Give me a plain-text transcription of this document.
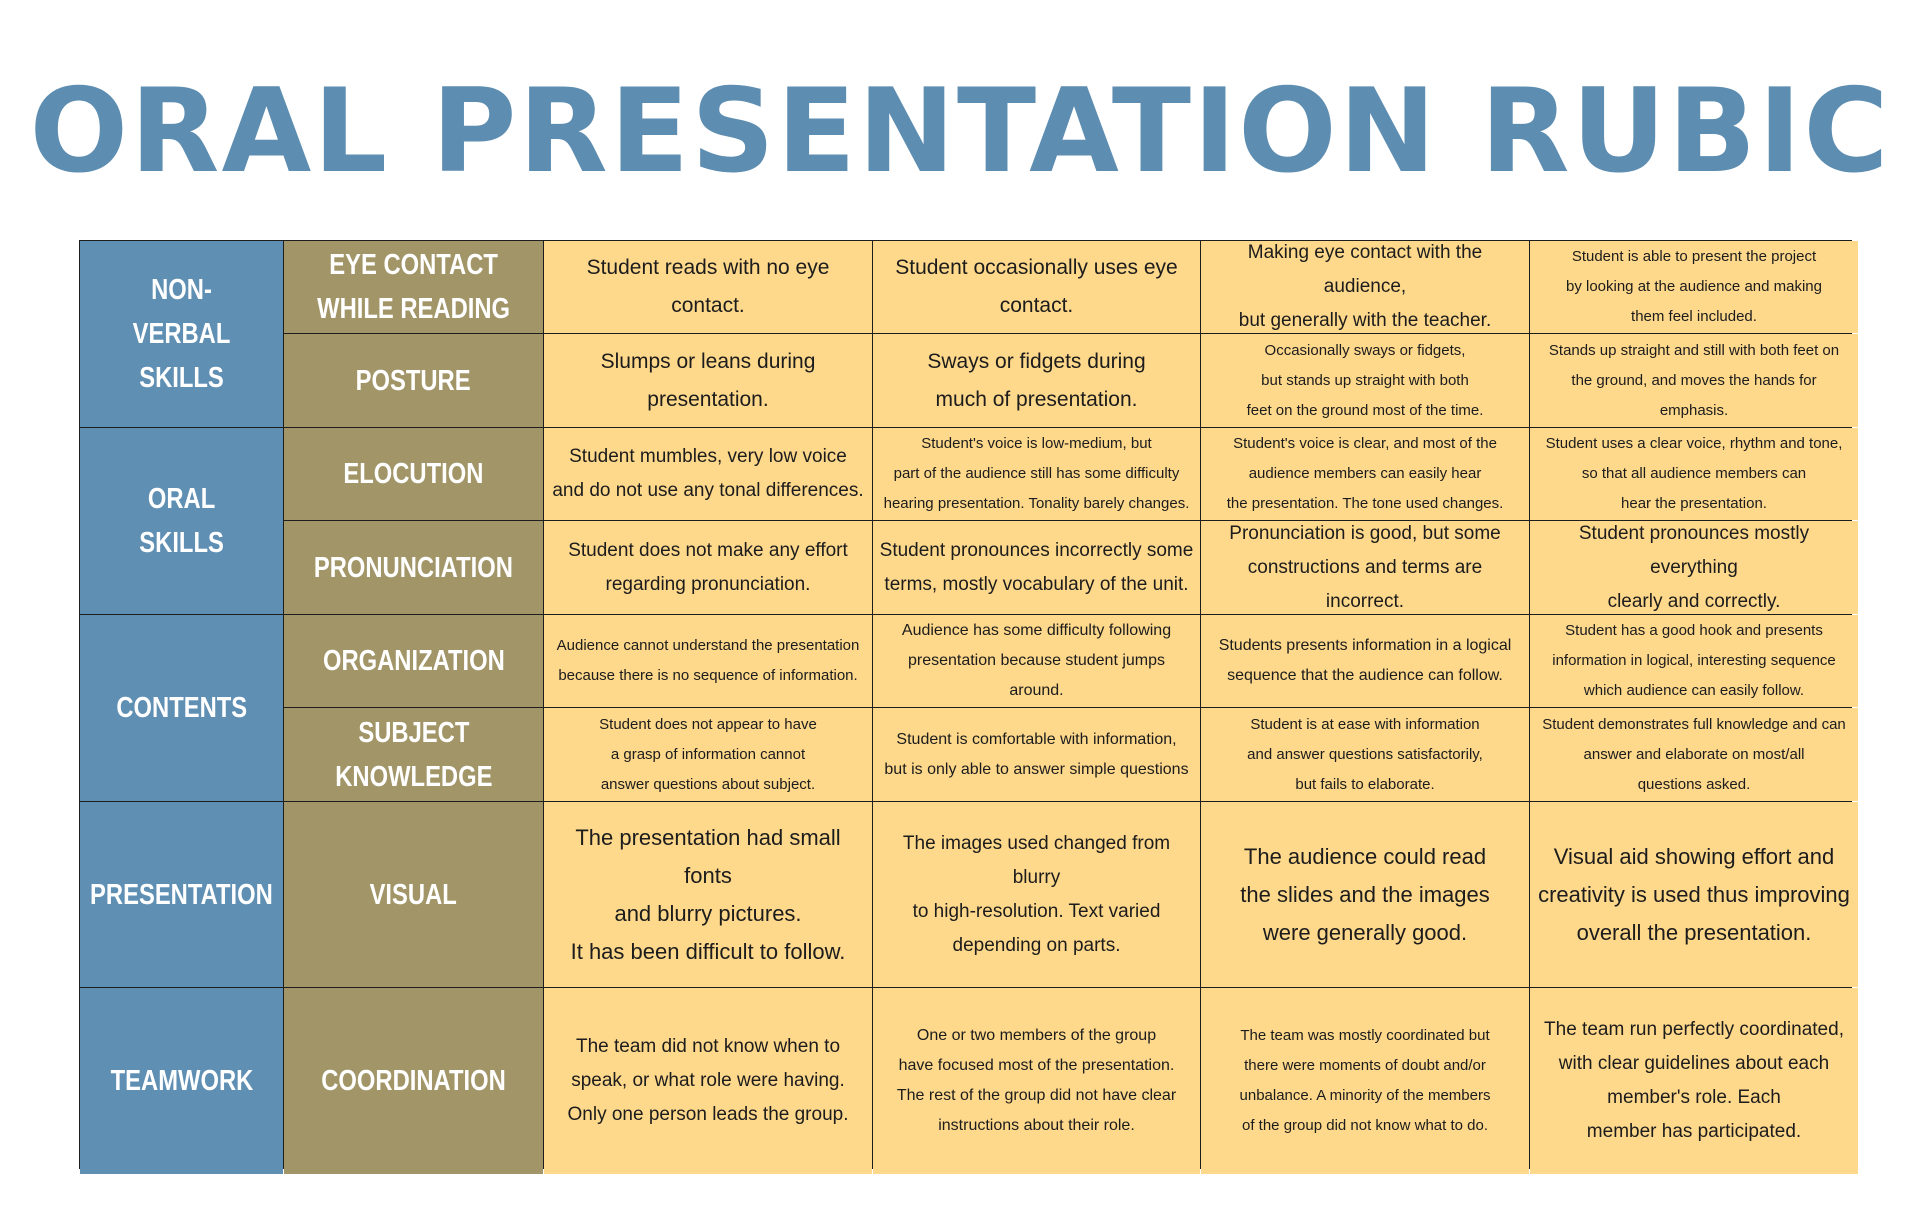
ORAL PRESENTATION RUBIC
NON-VERBAL
SKILLS
ORAL
SKILLS
CONTENTS
PRESENTATION
TEAMWORK
EYE CONTACT
WHILE READING
Student reads with no eye contact.
Student occasionally uses eye contact.
Making eye contact with the audience,
but generally with the teacher.
Student is able to present the project
by looking at the audience and making
them feel included.
POSTURE
Slumps or leans during presentation.
Sways or fidgets during
much of presentation.
Occasionally sways or fidgets,
but stands up straight with both
feet on the ground most of the time.
Stands up straight and still with both feet on
the ground, and moves the hands for emphasis.
ELOCUTION
Student mumbles, very low voice
and do not use any tonal differences.
Student's voice is low-medium, but
part of the audience still has some difficulty
hearing presentation. Tonality barely changes.
Student's voice is clear, and most of the
audience members can easily hear
the presentation. The tone used changes.
Student uses a clear voice, rhythm and tone,
so that all audience members can
hear the presentation.
PRONUNCIATION
Student does not make any effort
regarding pronunciation.
Student pronounces incorrectly some
terms, mostly vocabulary of the unit.
Pronunciation is good, but some
constructions and terms are incorrect.
Student pronounces mostly everything
clearly and correctly.
ORGANIZATION	Audience cannot understand the presentation
because there is no sequence of information.
Audience has some difficulty following
presentation because student jumps around.
Students presents information in a logical
sequence that the audience can follow.
Student has a good hook and presents
information in logical, interesting sequence
which audience can easily follow.
SUBJECT
KNOWLEDGE
Student does not appear to have
a grasp of information cannot
answer questions about subject.
Student is comfortable with information,
but is only able to answer simple questions
Student is at ease with information
and answer questions satisfactorily,
but fails to elaborate.
Student demonstrates full knowledge and can
answer and elaborate on most/all
questions asked.
VISUAL
The presentation had small fonts
and blurry pictures.
It has been difficult to follow.
The images used changed from blurry
to high-resolution. Text varied
depending on parts.
The audience could read
the slides and the images
were generally good.
Visual aid showing effort and
creativity is used thus improving
overall the presentation.
COORDINATION
The team did not know when to
speak, or what role were having.
Only one person leads the group.
One or two members of the group
have focused most of the presentation.
The rest of the group did not have clear
instructions about their role.
The team was mostly coordinated but
there were moments of doubt and/or
unbalance. A minority of the members
of the group did not know what to do.
The team run perfectly coordinated,
with clear guidelines about each
member's role. Each
member has participated.
